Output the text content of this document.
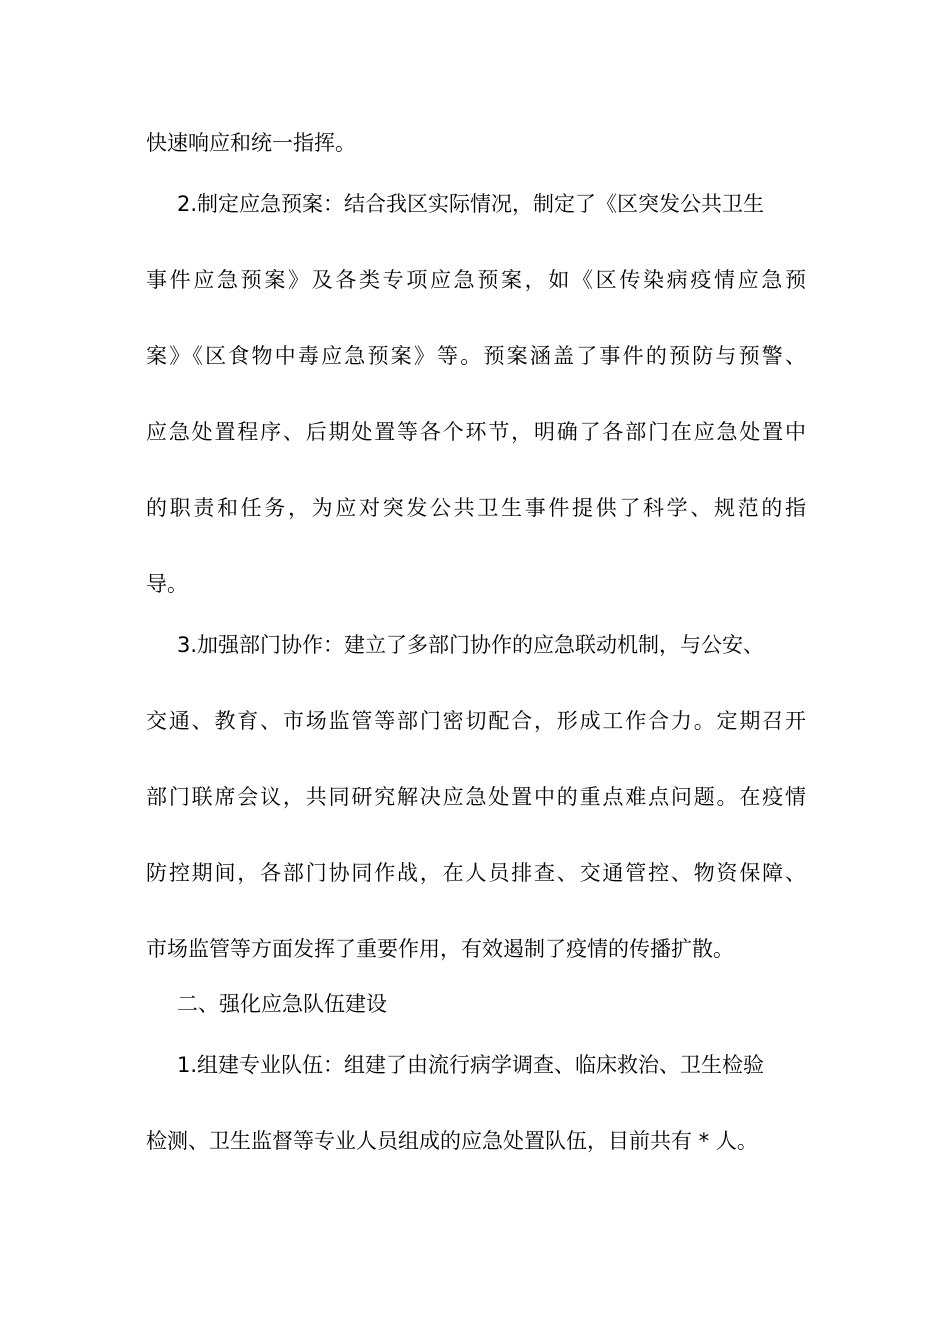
快速响应和统一指挥。
2.制定应急预案：结合我区实际情况，制定了《区突发公共卫生
事件应急预案》及各类专项应急预案，如《区传染病疫情应急预
案》《区食物中毒应急预案》等。预案涵盖了事件的预防与预警、
应急处置程序、后期处置等各个环节，明确了各部门在应急处置中
的职责和任务，为应对突发公共卫生事件提供了科学、规范的指
导。
3.加强部门协作：建立了多部门协作的应急联动机制，与公安、
交通、教育、市场监管等部门密切配合，形成工作合力。定期召开
部门联席会议，共同研究解决应急处置中的重点难点问题。在疫情
防控期间，各部门协同作战，在人员排查、交通管控、物资保障、
市场监管等方面发挥了重要作用，有效遏制了疫情的传播扩散。
二、强化应急队伍建设
1.组建专业队伍：组建了由流行病学调查、临床救治、卫生检验
检测、卫生监督等专业人员组成的应急处置队伍，目前共有 * 人。
